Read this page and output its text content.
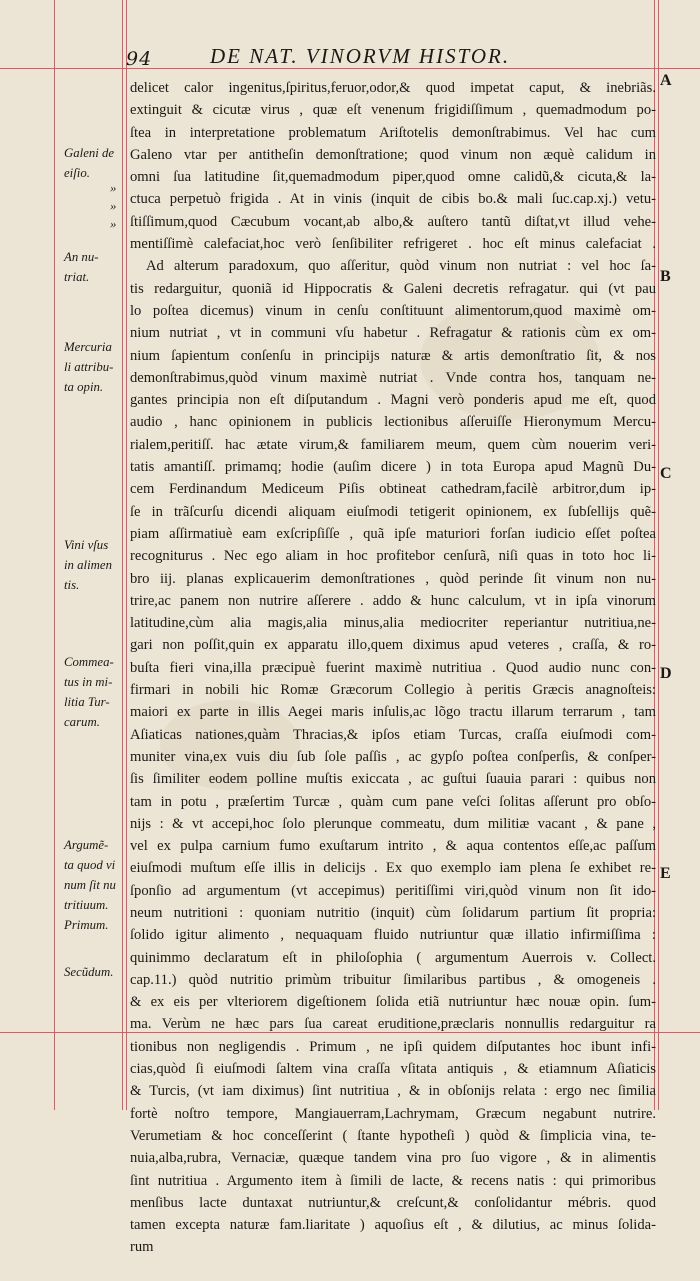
94	DE NAT. VINORVM HISTOR.
Galeni de
eiſio.
»
»
»
An nu-
triat.
Mercuria
li attribu-
ta opin.
Vini vſus
in alimen
tis.
Commea-
tus in mi-
litia Tur-
carum.
Argumẽ-
ta quod vi
num ſit nu
tritiuum.
Primum.
Secũdum.
A
B
C
D
E
delicet calor ingenitus,ſpiritus,feruor,odor,& quod impetat caput, & inebriãs.
extinguit & cicutæ virus , quæ eſt venenum frigidiſſimum , quemadmodum po-
ſtea in interpretatione problematum Ariſtotelis demonſtrabimus. Vel hac cum
Galeno vtar per antitheſin demonſtratione; quod vinum non æquè calidum in
omni ſua latitudine ſit,quemadmodum piper,quod omne calidũ,& cicuta,& la-
ctuca perpetuò frigida . At in vinis (inquit de cibis bo.& mali ſuc.cap.xj.) vetu-
ſtiſſimum,quod Cæcubum vocant,ab albo,& auſtero tantũ diſtat,vt illud vehe-
mentiſſimè calefaciat,hoc verò ſenſibiliter refrigeret . hoc eſt minus calefaciat .
Ad alterum paradoxum, quo aſſeritur, quòd vinum non nutriat : vel hoc ſa-
tis redarguitur, quoniã id Hippocratis & Galeni decretis refragatur. qui (vt pau
lo poſtea dicemus) vinum in cenſu conſtituunt alimentorum,quod maximè om-
nium nutriat , vt in communi vſu habetur . Refragatur & rationis cùm ex om-
nium ſapientum conſenſu in principijs naturæ & artis demonſtratio ſit, & nos
demonſtrabimus,quòd vinum maximè nutriat . Vnde contra hos, tanquam ne-
gantes principia non eſt diſputandum . Magni verò ponderis apud me eſt, quod
audio , hanc opinionem in publicis lectionibus aſſeruiſſe Hieronymum Mercu-
rialem,peritiſſ. hac ætate virum,& familiarem meum, quem cùm nouerim veri-
tatis amantiſſ. primamq; hodie (auſim dicere ) in tota Europa apud Magnũ Du-
cem Ferdinandum Mediceum Piſis obtineat cathedram,facilè arbitror,dum ip-
ſe in trãſcurſu dicendi aliquam eiuſmodi tetigerit opinionem, ex ſubſellijs quẽ-
piam aſſirmatiuè eam exſcripſiſſe , quã ipſe maturiori forſan iudicio eſſet poſtea
recogniturus . Nec ego aliam in hoc profitebor cenſurã, niſi quas in toto hoc li-
bro iij. planas explicauerim demonſtrationes , quòd perinde ſit vinum non nu-
trire,ac panem non nutrire aſſerere . addo & hunc calculum, vt in ipſa vinorum
latitudine,cùm alia magis,alia minus,alia mediocriter reperiantur nutritiua,ne-
gari non poſſit,quin ex apparatu illo,quem diximus apud veteres , craſſa, & ro-
buſta fieri vina,illa præcipuè fuerint maximè nutritiua . Quod audio nunc con-
firmari in nobili hic Romæ Græcorum Collegio à peritis Græcis anagnoſteis:
maiori ex parte in illis Aegei maris inſulis,ac lõgo tractu illarum terrarum , tam
Aſiaticas nationes,quàm Thracias,& ipſos etiam Turcas, craſſa eiuſmodi com-
muniter vina,ex vuis diu ſub ſole paſſis , ac gypſo poſtea conſperſis, & conſper-
ſis ſimiliter eodem polline muſtis exiccata , ac guſtui ſuauia parari : quibus non
tam in potu , præſertim Turcæ , quàm cum pane veſci ſolitas aſſerunt pro obſo-
nijs : & vt accepi,hoc ſolo plerunque commeatu, dum militiæ vacant , & pane ,
vel ex pulpa carnium fumo exuſtarum intrito , & aqua contentos eſſe,ac paſſum
eiuſmodi muſtum eſſe illis in delicijs . Ex quo exemplo iam plena ſe exhibet re-
ſponſio ad argumentum (vt accepimus) peritiſſimi viri,quòd vinum non ſit ido-
neum nutritioni : quoniam nutritio (inquit) cùm ſolidarum partium ſit propria:
ſolido igitur alimento , nequaquam fluido nutriuntur quæ illatio infirmiſſima :
quinimmo declaratum eſt in philoſophia ( argumentum Auerrois v. Collect.
cap.11.) quòd nutritio primùm tribuitur ſimilaribus partibus , & omogeneis .
& ex eis per vlteriorem digeſtionem ſolida etiã nutriuntur hæc nouæ opin. ſum-
ma. Verùm ne hæc pars ſua careat eruditione,præclaris nonnullis redarguitur ra
tionibus non negligendis . Primum , ne ipſi quidem diſputantes hoc ibunt infi-
cias,quòd ſi eiuſmodi ſaltem vina craſſa vſitata antiquis , & etiamnum Aſiaticis
& Turcis, (vt iam diximus) ſint nutritiua , & in obſonijs relata : ergo nec ſimilia
fortè noſtro tempore, Mangiauerram,Lachrymam, Græcum negabunt nutrire.
Verumetiam & hoc conceſſerint ( ſtante hypotheſi ) quòd & ſimplicia vina, te-
nuia,alba,rubra, Vernaciæ, quæque tandem vina pro ſuo vigore , & in alimentis
ſint nutritiua . Argumento item à ſimili de lacte, & recens natis : qui primoribus
menſibus lacte duntaxat nutriuntur,& creſcunt,& conſolidantur mébris. quod
tamen excepta naturæ fam.liaritate ) aquoſius eſt , & dilutius, ac minus ſolida-
rum
